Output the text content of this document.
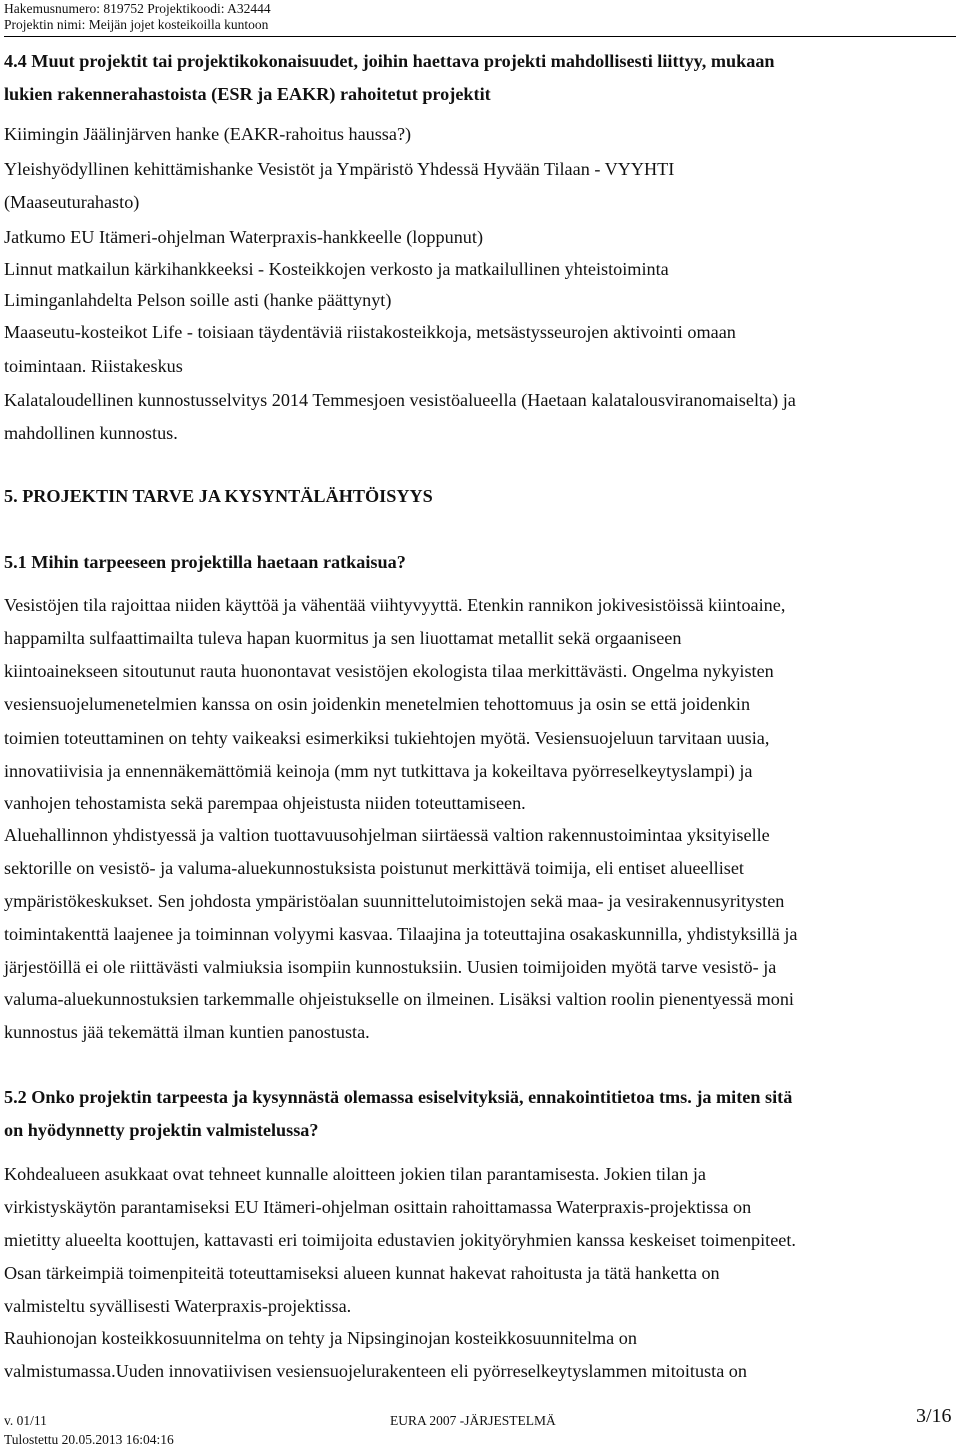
Hakemusnumero: 819752 Projektikoodi: A32444
Projektin nimi: Meijän jojet kosteikoilla kuntoon
4.4 Muut projektit tai projektikokonaisuudet, joihin haettava projekti mahdollisesti liittyy, mukaan
lukien rakennerahastoista (ESR ja EAKR) rahoitetut projektit
Kiimingin Jäälinjärven hanke (EAKR-rahoitus haussa?)
Yleishyödyllinen kehittämishanke Vesistöt ja Ympäristö Yhdessä Hyvään Tilaan - VYYHTI
(Maaseuturahasto)
Jatkumo EU Itämeri-ohjelman Waterpraxis-hankkeelle (loppunut)
Linnut matkailun kärkihankkeeksi - Kosteikkojen verkosto ja matkailullinen yhteistoiminta
Liminganlahdelta Pelson soille asti (hanke päättynyt)
Maaseutu-kosteikot Life - toisiaan täydentäviä riistakosteikkoja, metsästysseurojen aktivointi omaan
toimintaan. Riistakeskus
Kalataloudellinen kunnostusselvitys 2014 Temmesjoen vesistöalueella (Haetaan kalatalousviranomaiselta) ja
mahdollinen kunnostus.
5. PROJEKTIN TARVE JA KYSYNTÄLÄHTÖISYYS
5.1 Mihin tarpeeseen projektilla haetaan ratkaisua?
Vesistöjen tila rajoittaa niiden käyttöä ja vähentää viihtyvyyttä. Etenkin rannikon jokivesistöissä kiintoaine,
happamilta sulfaattimailta tuleva hapan kuormitus ja sen liuottamat metallit sekä orgaaniseen
kiintoainekseen sitoutunut rauta huonontavat vesistöjen ekologista tilaa merkittävästi. Ongelma nykyisten
vesiensuojelumenetelmien kanssa on osin joidenkin menetelmien tehottomuus ja osin se että joidenkin
toimien toteuttaminen on tehty vaikeaksi esimerkiksi tukiehtojen myötä. Vesiensuojeluun tarvitaan uusia,
innovatiivisia ja ennennäkemättömiä keinoja (mm nyt tutkittava ja kokeiltava pyörreselkeytyslampi) ja
vanhojen tehostamista sekä parempaa ohjeistusta niiden toteuttamiseen.
Aluehallinnon yhdistyessä ja valtion tuottavuusohjelman siirtäessä valtion rakennustoimintaa yksityiselle
sektorille on vesistö- ja valuma-aluekunnostuksista poistunut merkittävä toimija, eli entiset alueelliset
ympäristökeskukset. Sen johdosta ympäristöalan suunnittelutoimistojen sekä maa- ja vesirakennusyritysten
toimintakenttä laajenee ja toiminnan volyymi kasvaa. Tilaajina ja toteuttajina osakaskunnilla, yhdistyksillä ja
järjestöillä ei ole riittävästi valmiuksia isompiin kunnostuksiin. Uusien toimijoiden myötä tarve vesistö- ja
valuma-aluekunnostuksien tarkemmalle ohjeistukselle on ilmeinen. Lisäksi valtion roolin pienentyessä moni
kunnostus jää tekemättä ilman kuntien panostusta.
5.2 Onko projektin tarpeesta ja kysynnästä olemassa esiselvityksiä, ennakointitietoa tms. ja miten sitä
on hyödynnetty projektin valmistelussa?
Kohdealueen asukkaat ovat tehneet kunnalle aloitteen jokien tilan parantamisesta. Jokien tilan ja
virkistyskäytön parantamiseksi EU Itämeri-ohjelman osittain rahoittamassa Waterpraxis-projektissa on
mietitty alueelta koottujen, kattavasti eri toimijoita edustavien jokityöryhmien kanssa keskeiset toimenpiteet.
Osan tärkeimpiä toimenpiteitä toteuttamiseksi alueen kunnat hakevat rahoitusta ja tätä hanketta on
valmisteltu syvällisesti Waterpraxis-projektissa.
Rauhionojan kosteikkosuunnitelma on tehty ja Nipsinginojan kosteikkosuunnitelma on
valmistumassa.Uuden innovatiivisen vesiensuojelurakenteen eli pyörreselkeytyslammen mitoitusta on
v. 01/11	EURA 2007 -JÄRJESTELMÄ	3/16
Tulostettu 20.05.2013 16:04:16
